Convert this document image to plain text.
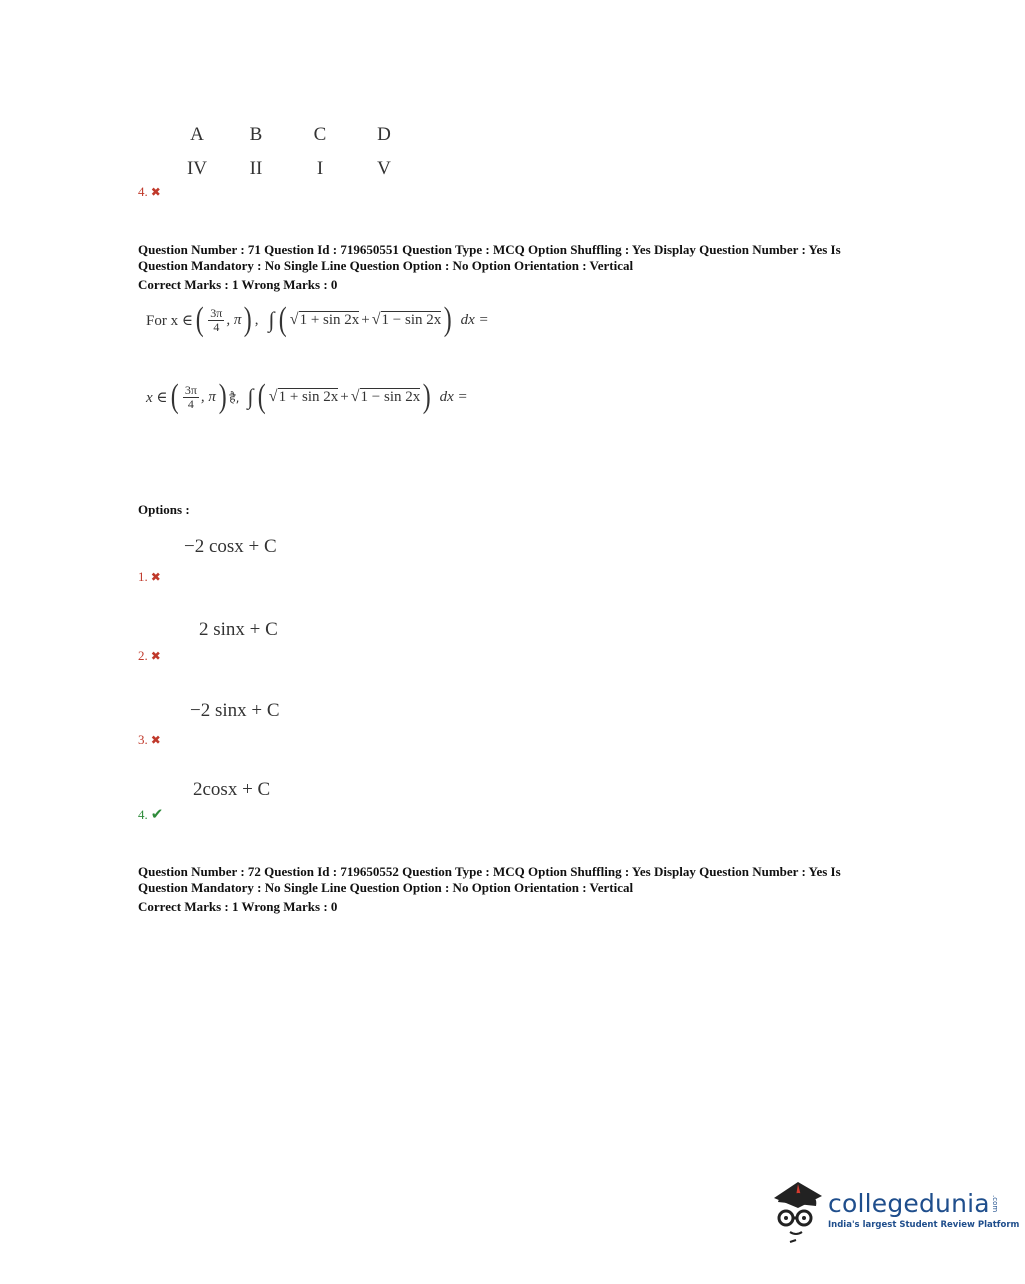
A	B	C	D
IV	II	I	V
4. ✖
Question Number : 71 Question Id : 719650551 Question Type : MCQ Option Shuffling : Yes Display Question Number : Yes Is
Question Mandatory : No Single Line Question Option : No Option Orientation : Vertical
Correct Marks : 1 Wrong Marks : 0
For x ∈ ( $\frac{3\pi}{4}$ , π ) , ∫ ( √ 1 + sin 2x + √ 1 − sin 2x ) dx =
x ∈ ( $\frac{3\pi}{4}$ , π ) है, ∫ ( √ 1 + sin 2x + √ 1 − sin 2x ) dx =
Options :
−2 cosx + C
1. ✖
2 sinx + C
2. ✖
−2 sinx + C
3. ✖
2cosx + C
4. ✔
Question Number : 72 Question Id : 719650552 Question Type : MCQ Option Shuffling : Yes Display Question Number : Yes Is
Question Mandatory : No Single Line Question Option : No Option Orientation : Vertical
Correct Marks : 1 Wrong Marks : 0
collegedunia .com
India's largest Student Review Platform
